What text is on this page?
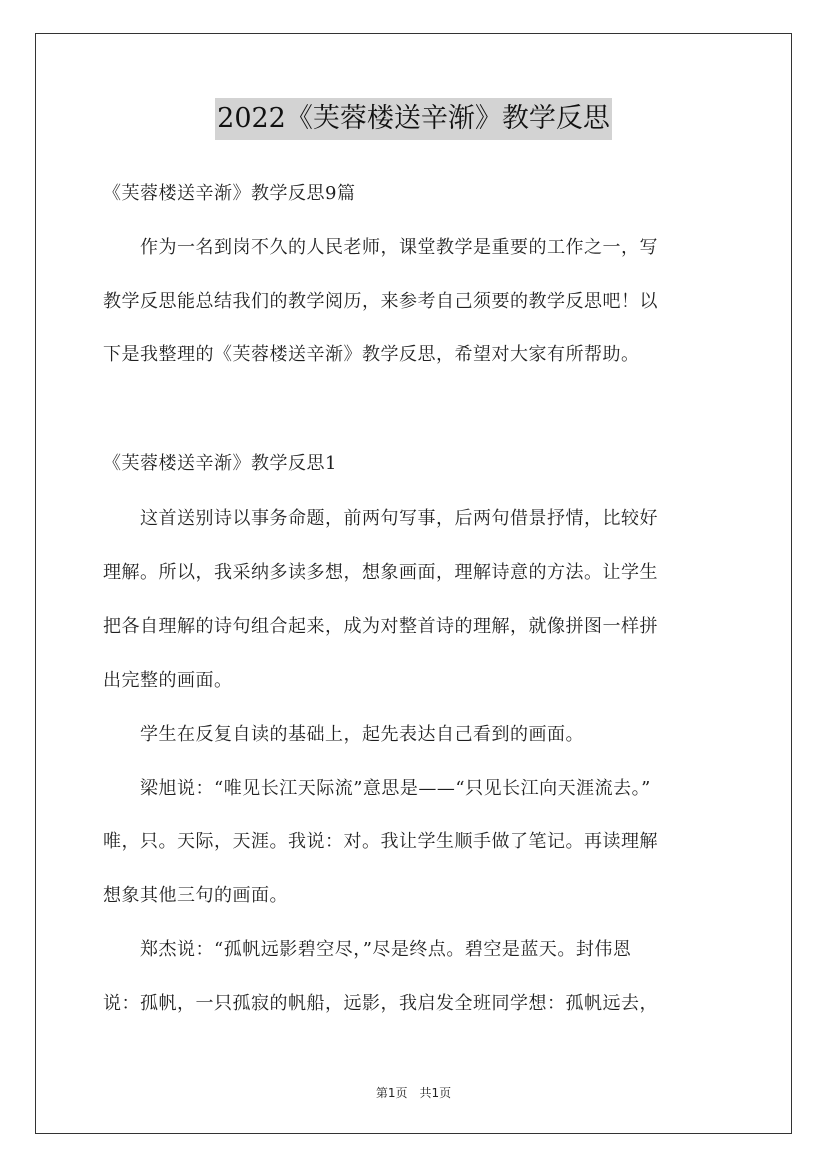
2022《芙蓉楼送辛渐》教学反思
《芙蓉楼送辛渐》教学反思9篇
　　作为一名到岗不久的人民老师，课堂教学是重要的工作之一，写
教学反思能总结我们的教学阅历，来参考自己须要的教学反思吧！以
下是我整理的《芙蓉楼送辛渐》教学反思，希望对大家有所帮助。
《芙蓉楼送辛渐》教学反思1
　　这首送别诗以事务命题，前两句写事，后两句借景抒情，比较好
理解。所以，我采纳多读多想，想象画面，理解诗意的方法。让学生
把各自理解的诗句组合起来，成为对整首诗的理解，就像拼图一样拼
出完整的画面。
　　学生在反复自读的基础上，起先表达自己看到的画面。
　　梁旭说：“唯见长江天际流”意思是——“只见长江向天涯流去。”
唯，只。天际，天涯。我说：对。我让学生顺手做了笔记。再读理解
想象其他三句的画面。
　　郑杰说：“孤帆远影碧空尽，”尽是终点。碧空是蓝天。封伟恩
说：孤帆，一只孤寂的帆船，远影，我启发全班同学想：孤帆远去，
第1页　共1页
